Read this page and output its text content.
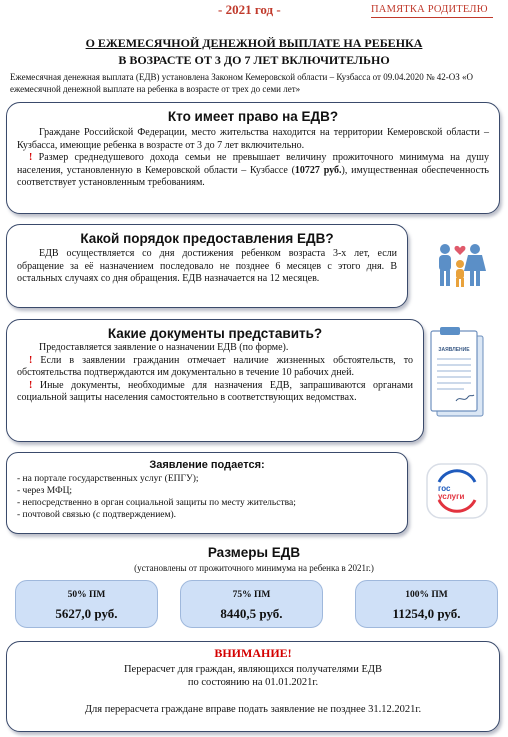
- 2021 год -	ПАМЯТКА РОДИТЕЛЮ
О ЕЖЕМЕСЯЧНОЙ ДЕНЕЖНОЙ ВЫПЛАТЕ НА РЕБЕНКА
В ВОЗРАСТЕ ОТ 3 ДО 7 ЛЕТ ВКЛЮЧИТЕЛЬНО
Ежемесячная денежная выплата (ЕДВ) установлена Законом Кемеровской области – Кузбасса от 09.04.2020 № 42-ОЗ «О ежемесячной денежной выплате на ребенка в возрасте от трех до семи лет»
Кто имеет право на ЕДВ?

Граждане Российской Федерации, место жительства находится на территории Кемеровской области – Кузбасса, имеющие ребенка в возрасте от 3 до 7 лет включительно.

! Размер среднедушевого дохода семьи не превышает величину прожиточного минимума на душу населения, установленную в Кемеровской области – Кузбассе (10727 руб.), имущественная обеспеченность соответствует установленным требованиям.

Какой порядок предоставления ЕДВ?

ЕДВ осуществляется со дня достижения ребенком возраста 3-х лет, если обращение за её назначением последовало не позднее 6 месяцев с этого дня. В остальных случаях со дня обращения. ЕДВ назначается на 12 месяцев.

Какие документы представить?

Предоставляется заявление о назначении ЕДВ (по форме).

! Если в заявлении гражданин отмечает наличие жизненных обстоятельств, то обстоятельства подтверждаются им документально в течение 10 рабочих дней.

! Иные документы, необходимые для назначения ЕДВ, запрашиваются органами социальной защиты населения самостоятельно в соответствующих ведомствах.

ЗАЯВЛЕНИЕ
Заявление подается:
- на портале государственных услуг (ЕПГУ);
- через МФЦ;
- непосредственно в орган социальной защиты по месту жительства;
- почтовой связью (с подтверждением).
гос
услуги
Размеры ЕДВ
(установлены от прожиточного минимума на ребенка в 2021г.)
50% ПМ
5627,0 руб.
75% ПМ
8440,5 руб.
100% ПМ
11254,0 руб.
ВНИМАНИЕ!
Перерасчет для граждан, являющихся получателями ЕДВ
по состоянию на 01.01.2021г.
Для перерасчета граждане вправе подать заявление не позднее 31.12.2021г.
